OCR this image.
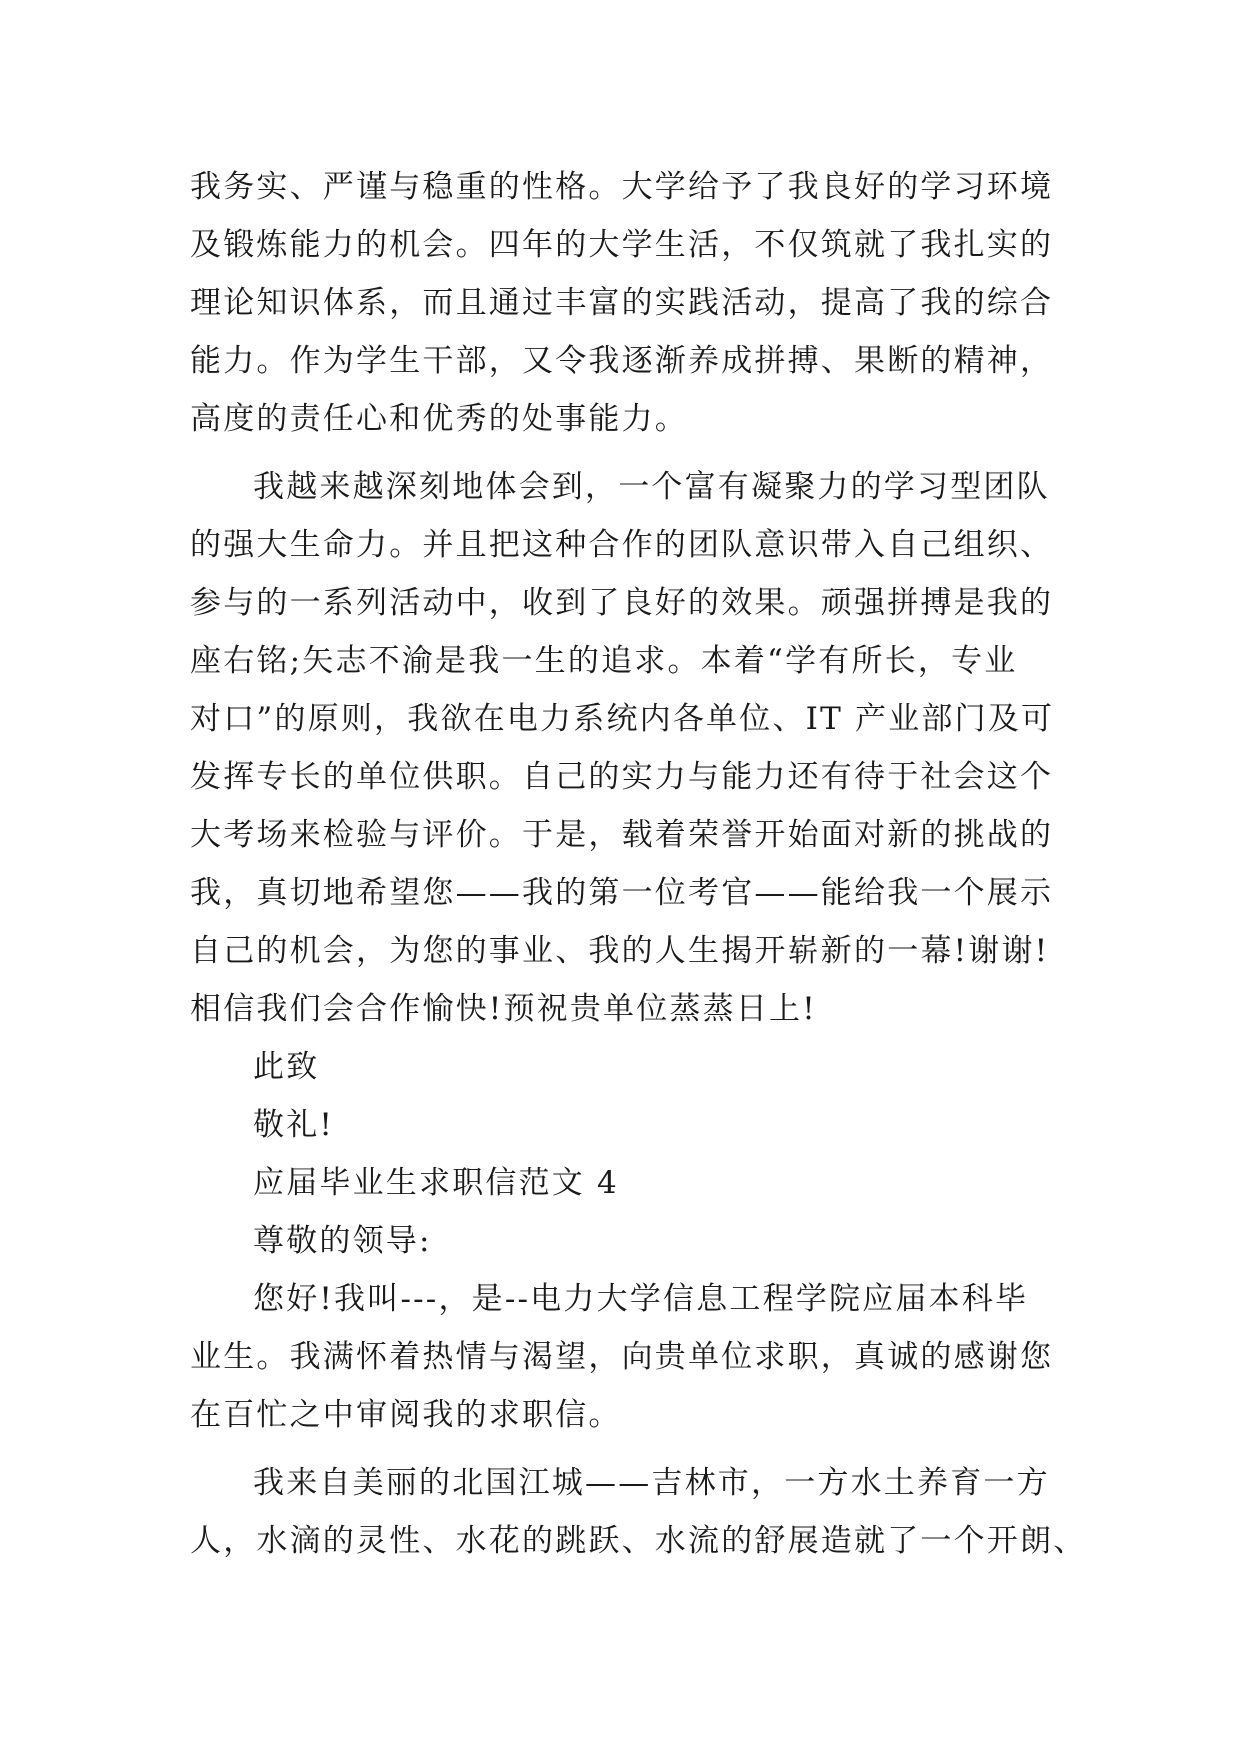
我务实、严谨与稳重的性格。大学给予了我良好的学习环境
及锻炼能力的机会。四年的大学生活，不仅筑就了我扎实的
理论知识体系，而且通过丰富的实践活动，提高了我的综合
能力。作为学生干部，又令我逐渐养成拼搏、果断的精神，
高度的责任心和优秀的处事能力。
我越来越深刻地体会到，一个富有凝聚力的学习型团队
的强大生命力。并且把这种合作的团队意识带入自己组织、
参与的一系列活动中，收到了良好的效果。顽强拼搏是我的
座右铭;矢志不渝是我一生的追求。本着“学有所长，专业
对口”的原则，我欲在电力系统内各单位、IT 产业部门及可
发挥专长的单位供职。自己的实力与能力还有待于社会这个
大考场来检验与评价。于是，载着荣誉开始面对新的挑战的
我，真切地希望您——我的第一位考官——能给我一个展示
自己的机会，为您的事业、我的人生揭开崭新的一幕!谢谢!
相信我们会合作愉快!预祝贵单位蒸蒸日上!
此致
敬礼!
应届毕业生求职信范文 4
尊敬的领导:
您好!我叫---，是--电力大学信息工程学院应届本科毕
业生。我满怀着热情与渴望，向贵单位求职，真诚的感谢您
在百忙之中审阅我的求职信。
我来自美丽的北国江城——吉林市，一方水土养育一方
人，水滴的灵性、水花的跳跃、水流的舒展造就了一个开朗、
